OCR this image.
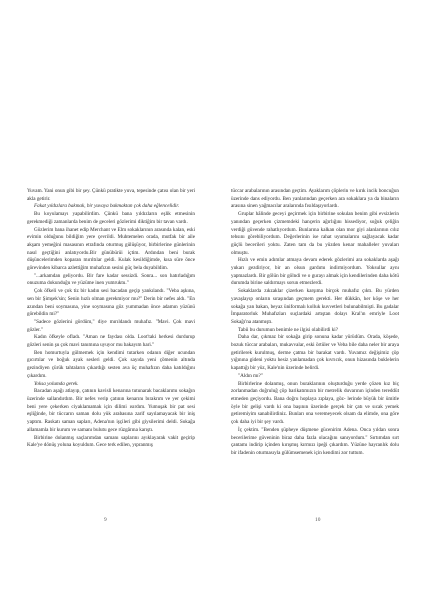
Yuvam. Yani onun gibi bir şey. Çünkü pratikte yuva, tepesinde çatısı olan bir yeri akla getirir.

Fakat yıldızlara bakmak, bir yuvaya bakmaktan çok daha eğlencelidir.

Bu koyulamayı yapabilirdim. Çünkü bana yıldızların eşlik etmesinin gerekmediği zamanlarda benim de geceleri gözlerimi diktiğim bir tavan vardı.

Gözlerim bana ihanet edip Merchant ve Elm sokaklarının arasında kalan, eski evimin olduğunu bildiğim yere çevrildi. Muhtemelen orada, mutfak bir aile akşam yemeğini masasının etrafında oturmuş gülüşüyor, birbirlerine günlerinin nasıl geçtiğini anlatıyordu.Bir günübürüi içtim. Ardından beni burak düşüncelerimden koparan mırıltılar geldi. Kulak kesildiğimde, kısa süre önce görevinden kibarca azlettiğim muhafızın sesini güç bela duyabildim.

"...arkamdan geliyordu. Bir fare kadar sessizdi. Sonra... son hatırladığım onuzuma dokunduğu ve yüzüme inen yumruktu."

Çok öfkeli ve çok tiz bir kadın sesi bacadan geçip yankılandı. "Veba aşkına, sen bir Şimşek'sin; Senin hızlı olman gerekmiyor mu?" Derin bir nefes aldı. "En azından beni soymasına, yine soymasına göz yummadan önce adamın yüzünü görebildin mi?"

"Sadece gözlerini gördüm," diye mırıldandı muhafız. "Mavi. Çok mavi gözler."

Kadın öfkeyle ofladı. "Aman ne faydası olda. Loot'taki herkesi durdurup gözleri senin şu çok mavi tanımına uyuyor mu bakayım hari."

Ben homurtuyla gülmemek için kendimi tutarken odanın diğer ucundan gıcırtılar ve boğuk ayak sesleri geldi. Çok sayıda yeni çömenin altında gezindiyen çürük tahtaların çıkardığı sesten ava üç muhafızın daha katıldığını çıkardım.

Yoksa yolumda gerek.

Bacadan aşağı atlayıp, çatının kavisli kenarına tutunarak bacaklarımı sokağın üzerinde sallandırdım. Bir nefes verip çatının kenarını bırakrım ve yer çekimi beni yere çekerken ciyaklamamak için dilimi ısırdım. Yumuşak bir pat sesi eşliğinde, bir tüccarın saman dolu yük arabasına zarif sayılamayacak bir iniş yaptım. Raskatı saman sapları, Adena'nın işçileri gibi giysilerimi deldi. Sokağa allamamla bir kurum ve samanı bulutu gece rüzgârına karıştı.

Birbirine dolanmış saçlarımdan samanı saplarını ayıklayarak vakit geçirip Kale'ye dönüş yoluna koyuldum. Gece terk edilen, yıpranmış

9

tüccar arabalarının arasından geçtim. Ayaklarım çöplerin ve kırık incik boncuğun üzerinde dans ediyordu. Ben yanlarından geçerken ara sokaklara ya da binaların arasına sinen yağmacılar aralarında fısıldaşıyorlardı.

Gruplar hâlinde geceyi geçirmek için birbirine sokulan benim gibi evsizlerin yanından geçerken çizmemdeki hançerin ağırlığını hissediyor, soğuk çeliğin verdiği güvende rahatlıyordum. Bunlarına kalkan olan mor giyi alanlarının cılız tehsını görebiliyordum. Değerlerinin ise rahat uyumalarını sağlayacak kadar güçlü becerileri yoktu. Zaten tam da bu yüzden kenar mahalleler yuvaları olmuştu.

Hızlı ve emin adımlar atmaya devam ederek gözlerimi ara sokaklarda aşağı yukarı gezdiriyor, bir an olsun gardımı indirmiyordum. Yoksullar aynı yapmazlardı. Bir gölün bir gölndi ve o gurayı almak için kendilerinden daha kötü durumda birine saldırmayı sorun etmezlerdi.

Sokaklarda zıkzaklar çizerken karşıma birçok muhafız çıktı. Bu yürden yavaşlayıp onların sıraşından geçmem gerekti. Her dükkân, her köşe ve her sokağa yan bakan, beyaz üniformalı kolluk kuvvetleri bulunabilmişti. Bu gadalar İmparatorluk Muhafızları suçlardaki artıştan dolayı Kral'ın emriyle Loot Sokağı'na atanmıştı.

Tabii bu durumun benimle ne ilgisi olabilirdi ki?

Daha dar, çıkmaz bir sokağa girip sonuna kadar yürüdüm. Orada, köşede, bozuk tüccar arabaları, mukavvalar, eski örtüler ve Veba bile daha neler bir araya getirilerek kurulmuş, derme çatma bir barakat vardı. Yuvamız değişimiz çöp yığınına gideni yoktu hesiz yanlamadan çok kıvrıcık, onun hizasında buklelerin kapattığı bir yüz, Kale'nin üzerinde belirdi.

"Aldın mı?"

Birbirlerine dolanmış, onun buraklarının oluşturduğu yerde çözen kız biç zorlanmadan doğruluğ çöp barikatımızın bir metrelik duvarının içinden tereddüt etmeden geçiyordu. Bana doğru hoplaya zıplaya, göz- lerinde büyük bir ümitle öyle bir gelişi vardı ki ona başının üzerinde gerçek bir çatı ve sıcak yemek getiremiyim sanabilirdiniz. Bunları ona veremeyecek olsam da elimde, ona göre çok daha iyi bir şey vardı.

İç çektim. "Benden şüpheye düşmene gücenirim Adena. Onca yıldan sonra becerilerime güveninin biraz daha fazla olacağını sanıyordum." Sırtımdan sırt çantamı indirip içinden kırışmış kırmızı ipeği çıkardım. Yüzüne hayranlık dolu bir ifadenin oturmasıyla gülümsemenek için kendimi zor tuttum.

10
